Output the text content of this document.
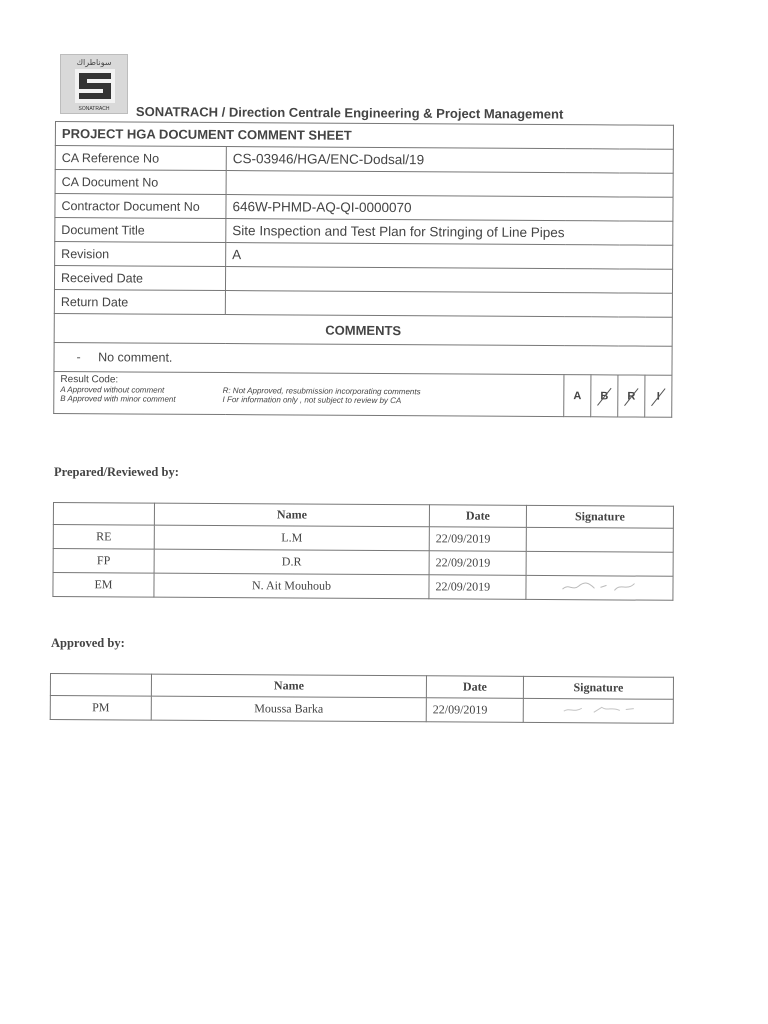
سوناطراك
SONATRACH	SONATRACH / Direction Centrale Engineering & Project Management
PROJECT HGA DOCUMENT COMMENT SHEET					
CA Reference No	CS-03946/HGA/ENC-Dodsal/19				
CA Document No					
Contractor Document No	646W-PHMD-AQ-QI-0000070				
Document Title	Site Inspection and Test Plan for Stringing of Line Pipes				
Revision	A				
Received Date					
Return Date					
COMMENTS					
- No comment.					

Result Code:
A Approved without comment R: Not Approved, resubmission incorporating comments
B Approved with minor comment I For information only , not subject to review by CA		A	B	R	I
Prepared/Reviewed by:
	Name	Date	Signature
RE	L.M	22/09/2019	
FP	D.R	22/09/2019	
EM	N. Ait Mouhoub	22/09/2019	
Approved by:
	Name	Date	Signature
PM	Moussa Barka	22/09/2019	
